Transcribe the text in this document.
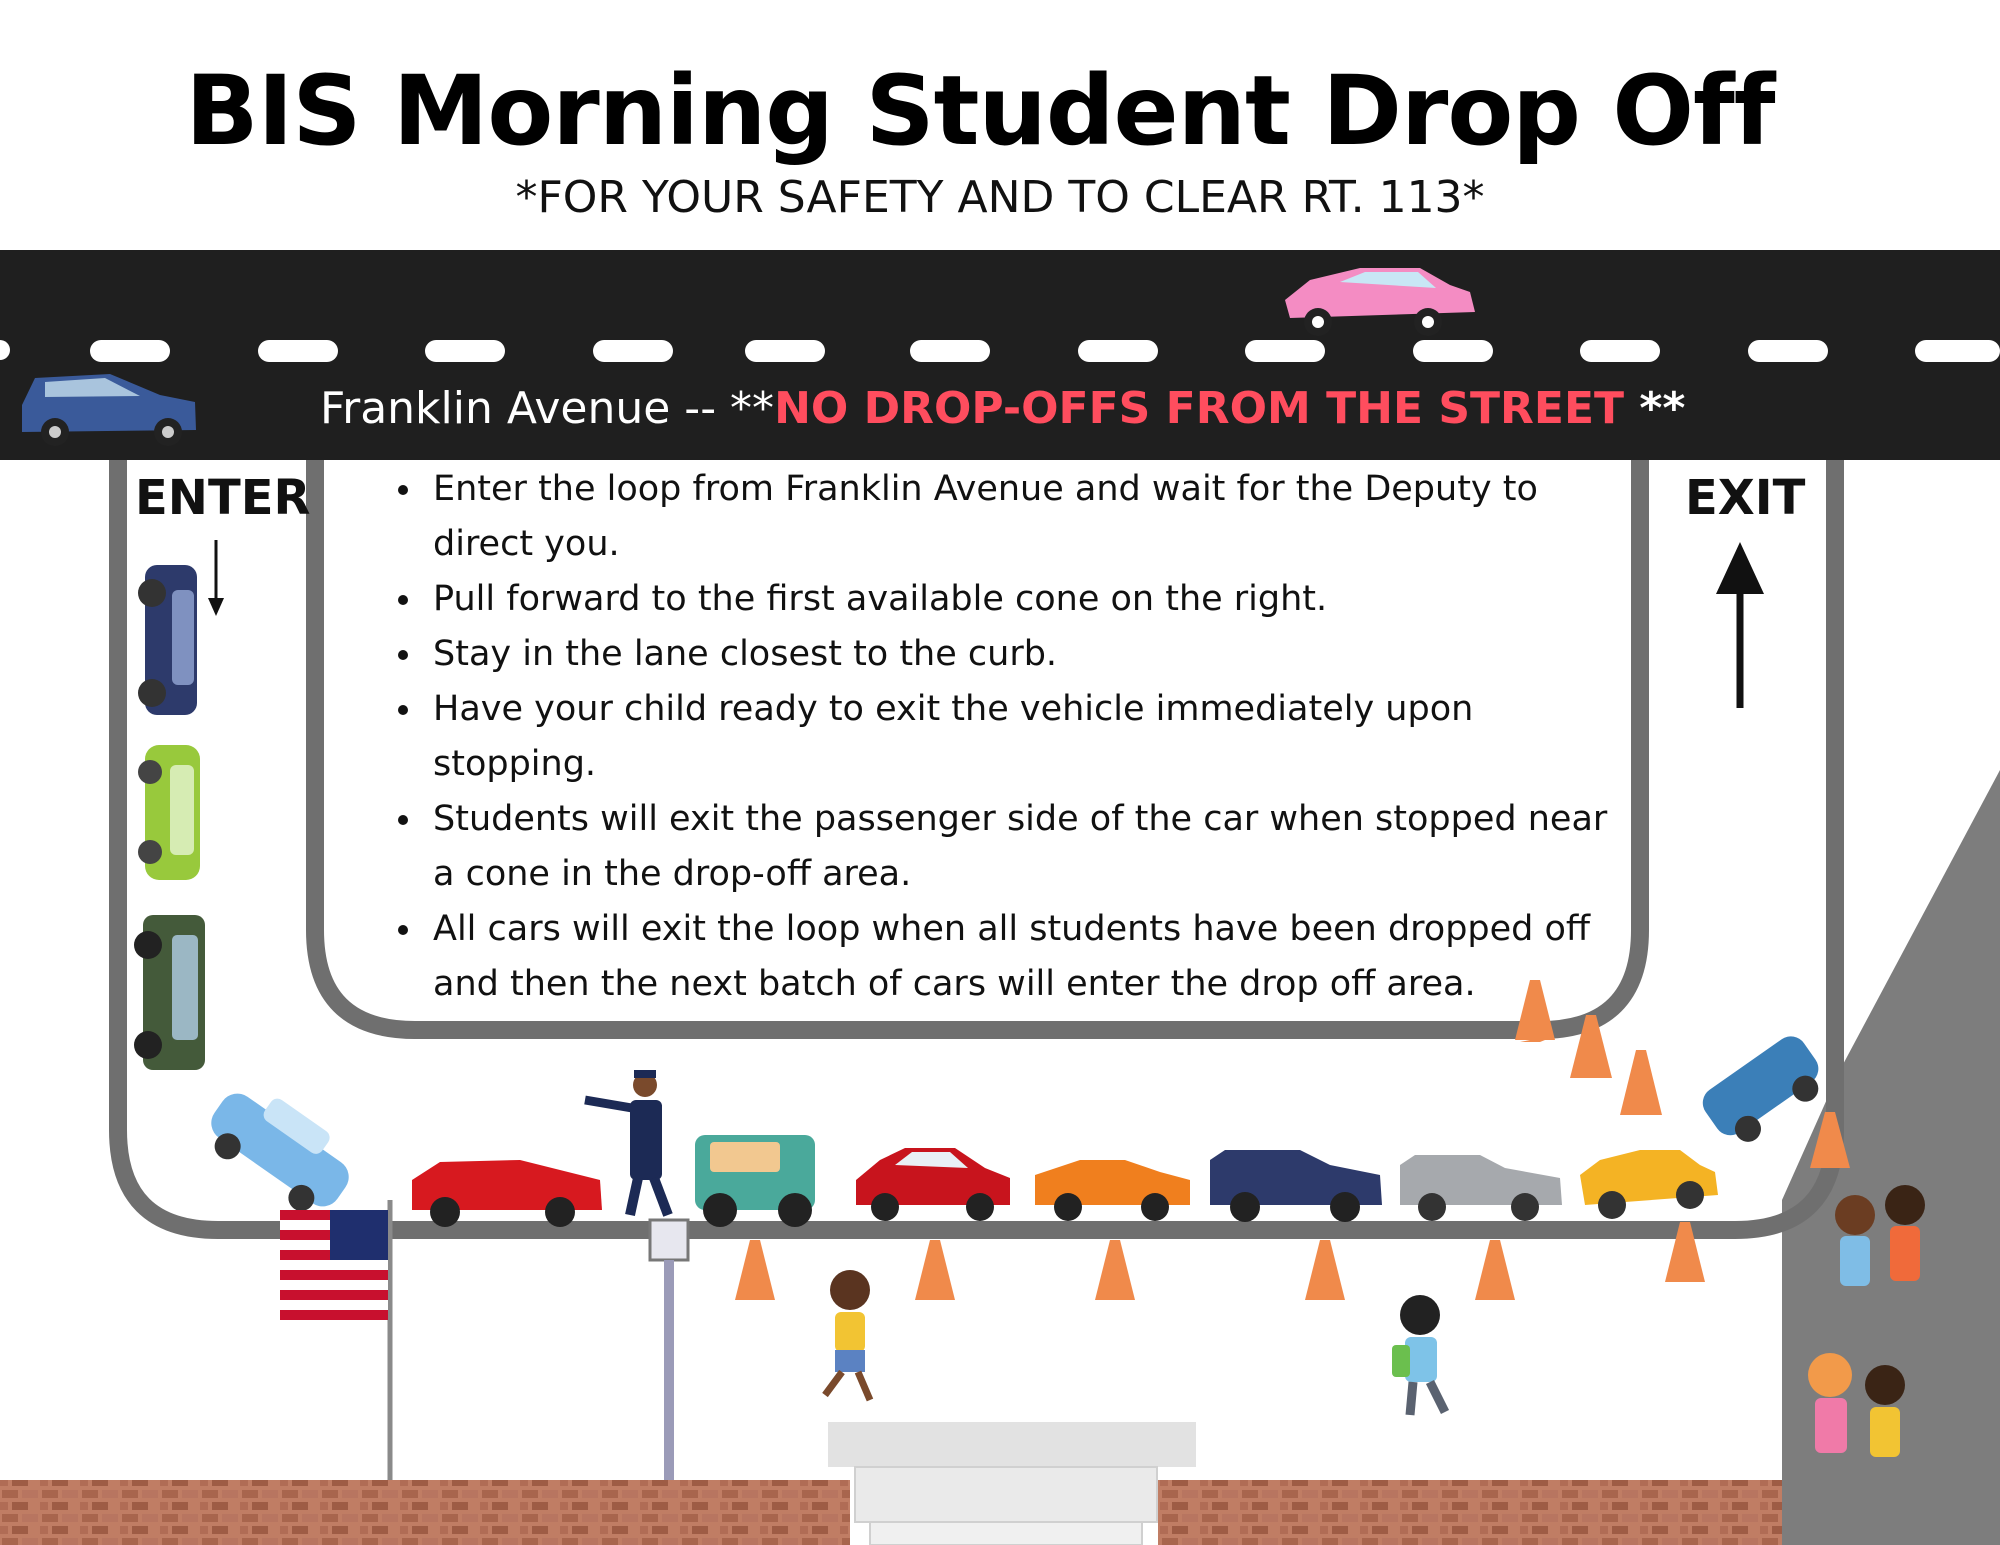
BIS Morning Student Drop Off
*FOR YOUR SAFETY AND TO CLEAR RT. 113*
Franklin Avenue -- **NO DROP-OFFS FROM THE STREET **
ENTER	EXIT
• Enter the loop from Franklin Avenue and wait for the Deputy to direct you.
• Pull forward to the first available cone on the right.
• Stay in the lane closest to the curb.
• Have your child ready to exit the vehicle immediately upon stopping.
• Students will exit the passenger side of the car when stopped near a cone in the drop-off area.
• All cars will exit the loop when all students have been dropped off and then the next batch of cars will enter the drop off area.
